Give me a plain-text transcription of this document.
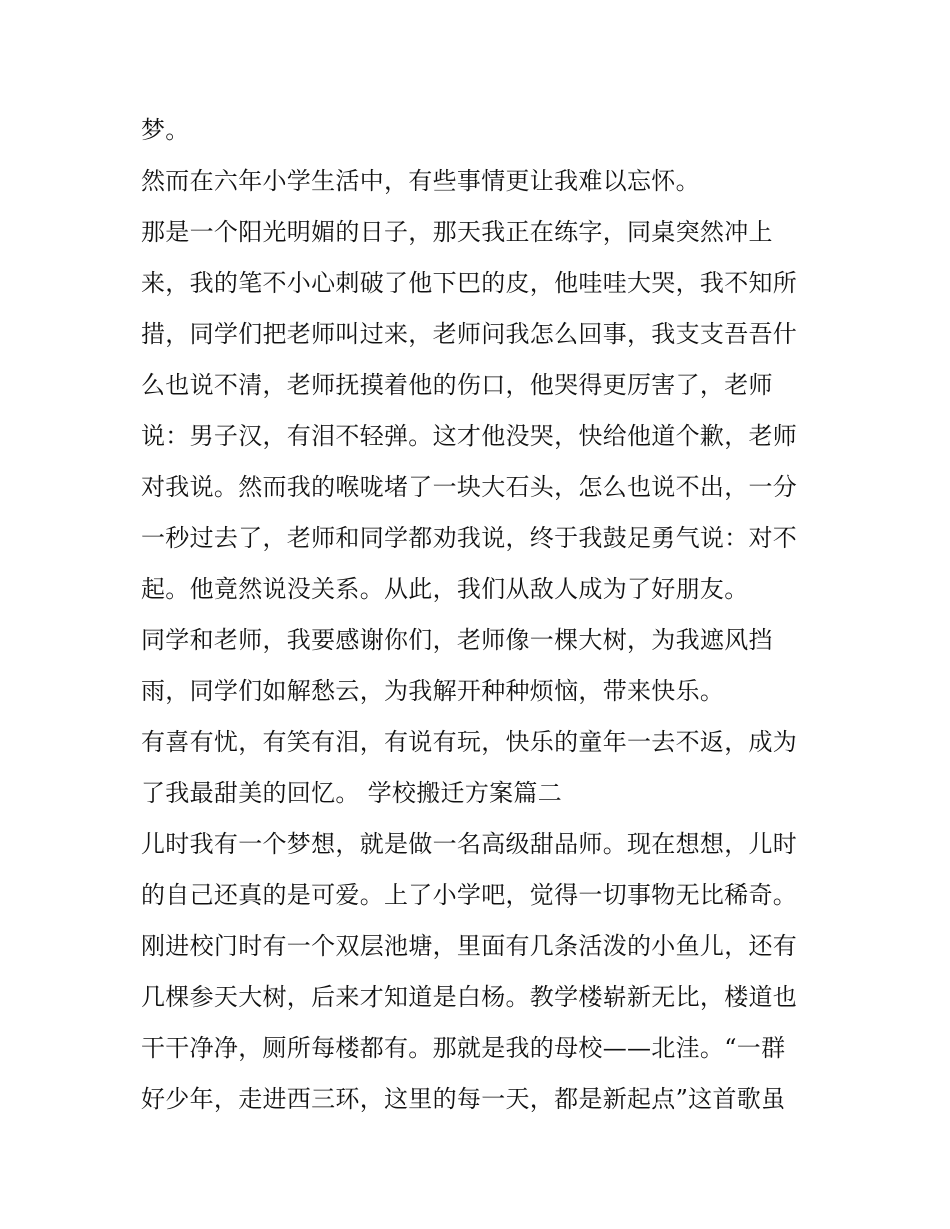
梦。
然而在六年小学生活中，有些事情更让我难以忘怀。
那是一个阳光明媚的日子，那天我正在练字，同桌突然冲上
来，我的笔不小心刺破了他下巴的皮，他哇哇大哭，我不知所
措，同学们把老师叫过来，老师问我怎么回事，我支支吾吾什
么也说不清，老师抚摸着他的伤口，他哭得更厉害了，老师
说：男子汉，有泪不轻弹。这才他没哭，快给他道个歉，老师
对我说。然而我的喉咙堵了一块大石头，怎么也说不出，一分
一秒过去了，老师和同学都劝我说，终于我鼓足勇气说：对不
起。他竟然说没关系。从此，我们从敌人成为了好朋友。
同学和老师，我要感谢你们，老师像一棵大树，为我遮风挡
雨，同学们如解愁云，为我解开种种烦恼，带来快乐。
有喜有忧，有笑有泪，有说有玩，快乐的童年一去不返，成为
了我最甜美的回忆。 学校搬迁方案篇二
儿时我有一个梦想，就是做一名高级甜品师。现在想想，儿时
的自己还真的是可爱。上了小学吧，觉得一切事物无比稀奇。
刚进校门时有一个双层池塘，里面有几条活泼的小鱼儿，还有
几棵参天大树，后来才知道是白杨。教学楼崭新无比，楼道也
干干净净，厕所每楼都有。那就是我的母校——北洼。“一群
好少年，走进西三环，这里的每一天，都是新起点”这首歌虽
